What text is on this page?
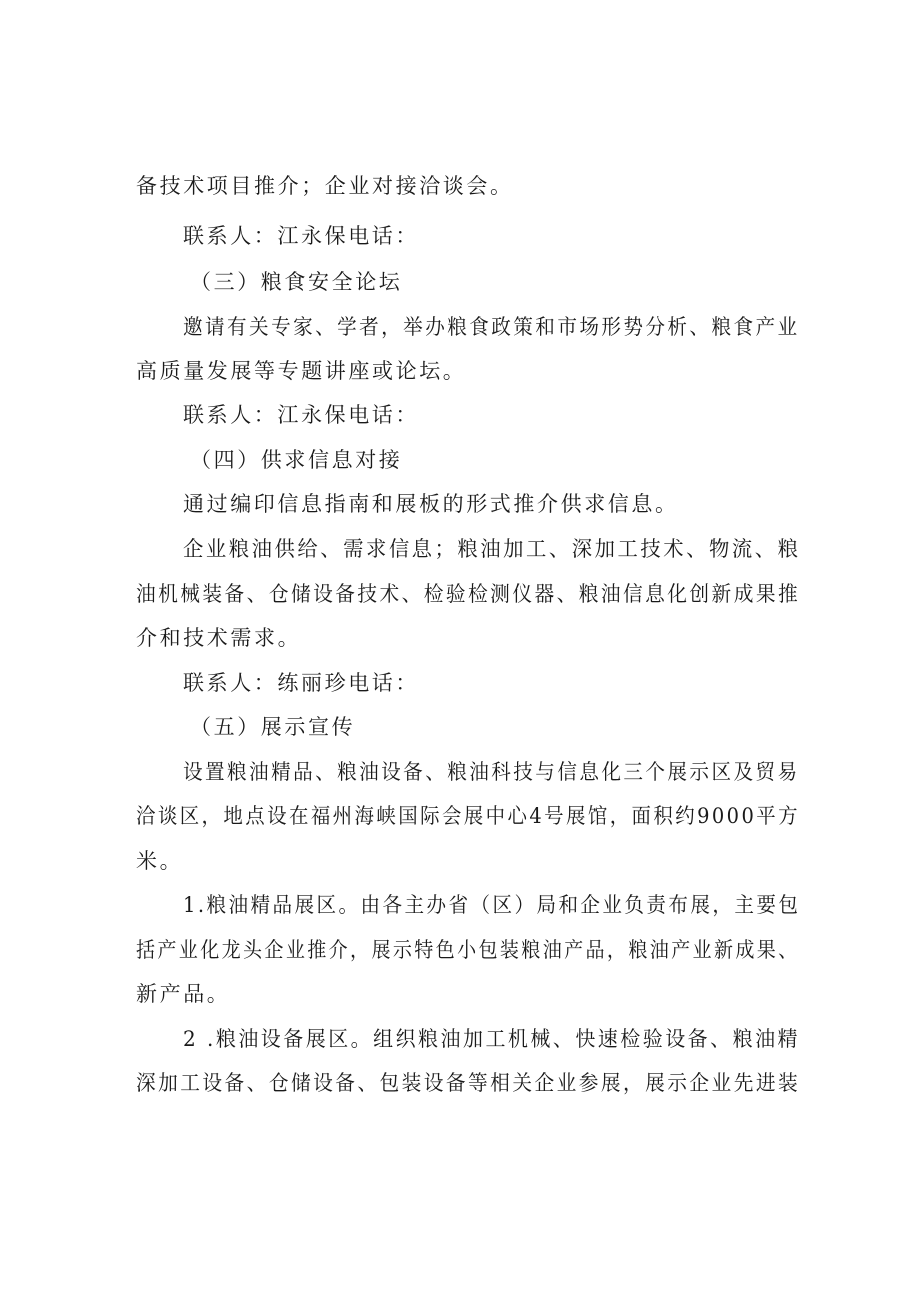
备技术项目推介；企业对接洽谈会。
联系人：江永保电话：
（三）粮食安全论坛
邀请有关专家、学者，举办粮食政策和市场形势分析、粮食产业
高质量发展等专题讲座或论坛。
联系人：江永保电话：
（四）供求信息对接
通过编印信息指南和展板的形式推介供求信息。
企业粮油供给、需求信息；粮油加工、深加工技术、物流、粮
油机械装备、仓储设备技术、检验检测仪器、粮油信息化创新成果推
介和技术需求。
联系人：练丽珍电话：
（五）展示宣传
设置粮油精品、粮油设备、粮油科技与信息化三个展示区及贸易
洽谈区，地点设在福州海峡国际会展中心4号展馆，面积约9000平方
米。
1.粮油精品展区。由各主办省（区）局和企业负责布展，主要包
括产业化龙头企业推介，展示特色小包装粮油产品，粮油产业新成果、
新产品。
2 .粮油设备展区。组织粮油加工机械、快速检验设备、粮油精
深加工设备、仓储设备、包装设备等相关企业参展，展示企业先进装
